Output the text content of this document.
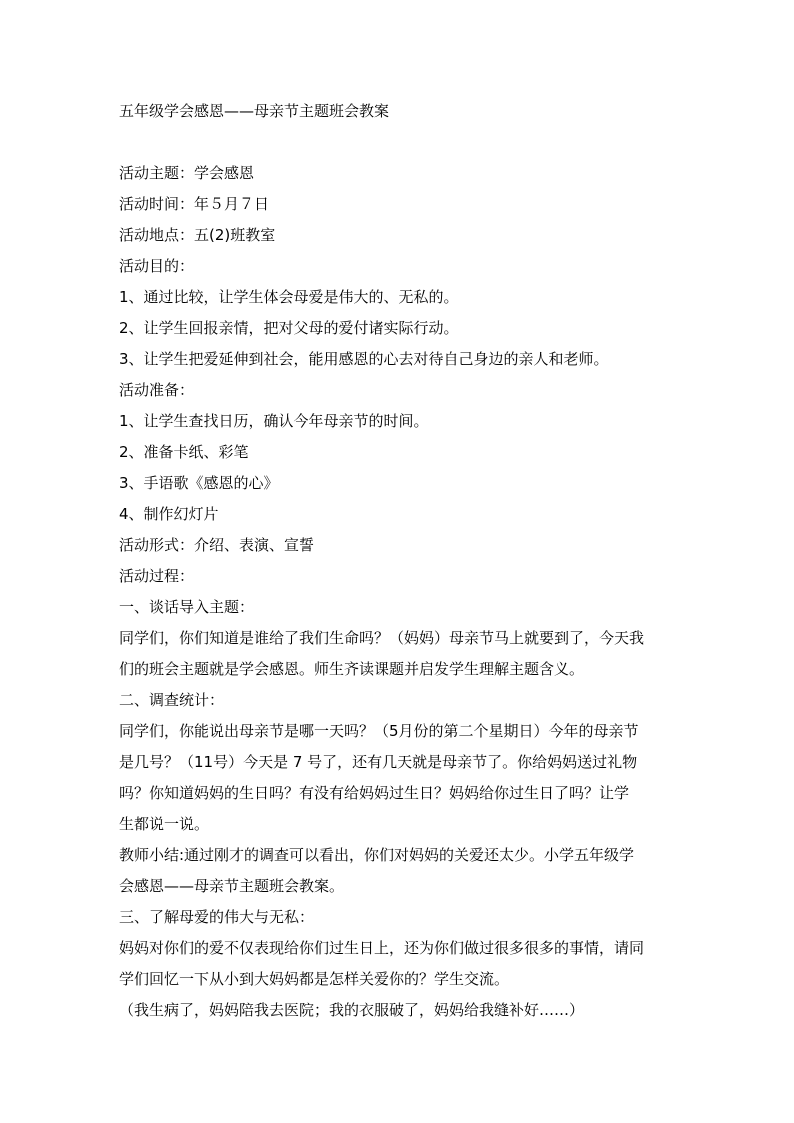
五年级学会感恩——母亲节主题班会教案
活动主题：学会感恩
活动时间：年５月７日
活动地点：五(2)班教室
活动目的：
1、通过比较，让学生体会母爱是伟大的、无私的。
2、让学生回报亲情，把对父母的爱付诸实际行动。
3、让学生把爱延伸到社会，能用感恩的心去对待自己身边的亲人和老师。
活动准备：
1、让学生查找日历，确认今年母亲节的时间。
2、准备卡纸、彩笔
3、手语歌《感恩的心》
4、制作幻灯片
活动形式：介绍、表演、宣誓
活动过程：
一、谈话导入主题：
同学们，你们知道是谁给了我们生命吗？（妈妈）母亲节马上就要到了，今天我
们的班会主题就是学会感恩。师生齐读课题并启发学生理解主题含义。
二、调查统计：
同学们，你能说出母亲节是哪一天吗？（5月份的第二个星期日）今年的母亲节
是几号？（11号）今天是 7 号了，还有几天就是母亲节了。你给妈妈送过礼物
吗？你知道妈妈的生日吗？有没有给妈妈过生日？妈妈给你过生日了吗？让学
生都说一说。
教师小结:通过刚才的调查可以看出，你们对妈妈的关爱还太少。小学五年级学
会感恩——母亲节主题班会教案。
三、了解母爱的伟大与无私：
妈妈对你们的爱不仅表现给你们过生日上，还为你们做过很多很多的事情，请同
学们回忆一下从小到大妈妈都是怎样关爱你的？学生交流。
（我生病了，妈妈陪我去医院；我的衣服破了，妈妈给我缝补好……）
